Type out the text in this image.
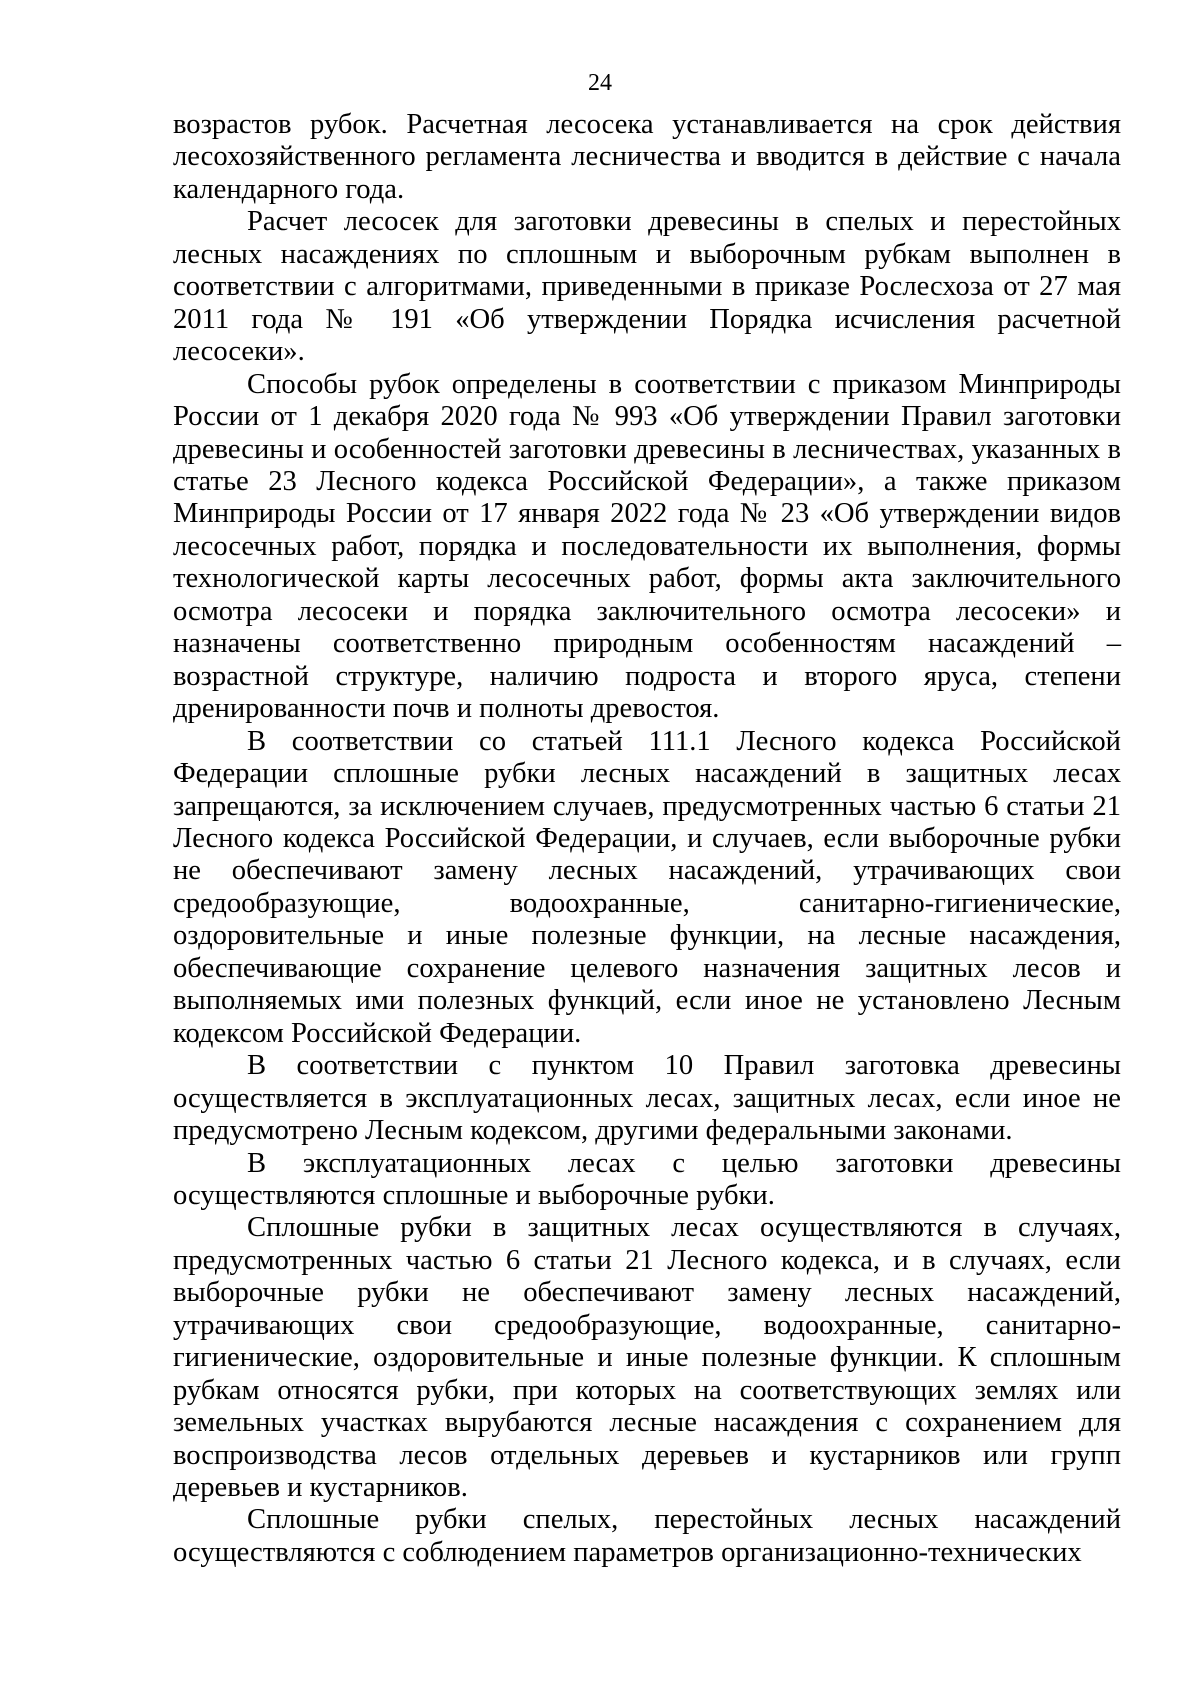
24

возрастов рубок. Расчетная лесосека устанавливается на срок действия лесохозяйственного регламента лесничества и вводится в действие с начала календарного года.

Расчет лесосек для заготовки древесины в спелых и перестойных лесных насаждениях по сплошным и выборочным рубкам выполнен в соответствии с алгоритмами, приведенными в приказе Рослесхоза от 27 мая 2011 года № 191 «Об утверждении Порядка исчисления расчетной лесосеки».

Способы рубок определены в соответствии с приказом Минприроды России от 1 декабря 2020 года № 993 «Об утверждении Правил заготовки древесины и особенностей заготовки древесины в лесничествах, указанных в статье 23 Лесного кодекса Российской Федерации», а также приказом Минприроды России от 17 января 2022 года № 23 «Об утверждении видов лесосечных работ, порядка и последовательности их выполнения, формы технологической карты лесосечных работ, формы акта заключительного осмотра лесосеки и порядка заключительного осмотра лесосеки» и назначены соответственно природным особенностям насаждений – возрастной структуре, наличию подроста и второго яруса, степени дренированности почв и полноты древостоя.

В соответствии со статьей 111.1 Лесного кодекса Российской Федерации сплошные рубки лесных насаждений в защитных лесах запрещаются, за исключением случаев, предусмотренных частью 6 статьи 21 Лесного кодекса Российской Федерации, и случаев, если выборочные рубки не обеспечивают замену лесных насаждений, утрачивающих свои средообразующие, водоохранные, санитарно-гигиенические, оздоровительные и иные полезные функции, на лесные насаждения, обеспечивающие сохранение целевого назначения защитных лесов и выполняемых ими полезных функций, если иное не установлено Лесным кодексом Российской Федерации.

В соответствии с пунктом 10 Правил заготовка древесины осуществляется в эксплуатационных лесах, защитных лесах, если иное не предусмотрено Лесным кодексом, другими федеральными законами.

В эксплуатационных лесах с целью заготовки древесины осуществляются сплошные и выборочные рубки.

Сплошные рубки в защитных лесах осуществляются в случаях, предусмотренных частью 6 статьи 21 Лесного кодекса, и в случаях, если выборочные рубки не обеспечивают замену лесных насаждений, утрачивающих свои средообразующие, водоохранные, санитарно-гигиенические, оздоровительные и иные полезные функции. К сплошным рубкам относятся рубки, при которых на соответствующих землях или земельных участках вырубаются лесные насаждения с сохранением для воспроизводства лесов отдельных деревьев и кустарников или групп деревьев и кустарников.

Сплошные рубки спелых, перестойных лесных насаждений осуществляются с соблюдением параметров организационно-технических
